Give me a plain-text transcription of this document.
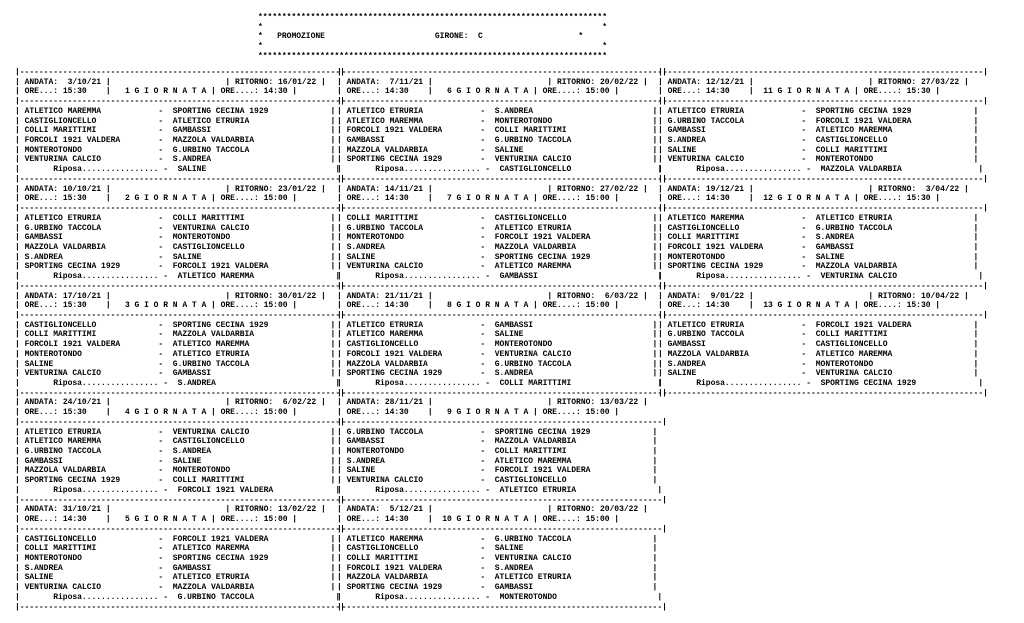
*************************************************************************
*                                                                       *
*   PROMOZIONE	GIRONE: C	*
*                                                                       *
*************************************************************************
|-------------------------------------------------------------------|
| ANDATA:  3/10/21 |                        | RITORNO: 16/01/22 |
| ORE...: 15:30    |   1 G I O R N A T A | ORE....: 14:30 |
|-------------------------------------------------------------------|
| ATLETICO MAREMMA            -  SPORTING CECINA 1929	|
| CASTIGLIONCELLO             -  ATLETICO ETRURIA	|
| COLLI MARITTIMI             -  GAMBASSI	|
| FORCOLI 1921 VALDERA        -  MAZZOLA VALDARBIA	|
| MONTEROTONDO                -  G.URBINO TACCOLA	|
| VENTURINA CALCIO            -  S.ANDREA	|
|       Riposa................ -  SALINE	|
|-------------------------------------------------------------------|
| ANDATA: 10/10/21 |                        | RITORNO: 23/01/22 |
| ORE...: 15:30    |   2 G I O R N A T A | ORE....: 15:00 |
|-------------------------------------------------------------------|
| ATLETICO ETRURIA            -  COLLI MARITTIMI	|
| G.URBINO TACCOLA            -  VENTURINA CALCIO	|
| GAMBASSI                    -  MONTEROTONDO	|
| MAZZOLA VALDARBIA           -  CASTIGLIONCELLO	|
| S.ANDREA                    -  SALINE	|
| SPORTING CECINA 1929        -  FORCOLI 1921 VALDERA	|
|       Riposa................ -  ATLETICO MAREMMA	|
|-------------------------------------------------------------------|
| ANDATA: 17/10/21 |                        | RITORNO: 30/01/22 |
| ORE...: 15:30    |   3 G I O R N A T A | ORE....: 15:00 |
|-------------------------------------------------------------------|
| CASTIGLIONCELLO             -  SPORTING CECINA 1929	|
| COLLI MARITTIMI             -  MAZZOLA VALDARBIA	|
| FORCOLI 1921 VALDERA        -  ATLETICO MAREMMA	|
| MONTEROTONDO                -  ATLETICO ETRURIA	|
| SALINE                      -  G.URBINO TACCOLA	|
| VENTURINA CALCIO            -  GAMBASSI	|
|       Riposa................ -  S.ANDREA	|
|-------------------------------------------------------------------|
| ANDATA: 24/10/21 |                        | RITORNO:  6/02/22 |
| ORE...: 15:30    |   4 G I O R N A T A | ORE....: 15:00 |
|-------------------------------------------------------------------|
| ATLETICO ETRURIA            -  VENTURINA CALCIO	|
| ATLETICO MAREMMA            -  CASTIGLIONCELLO	|
| G.URBINO TACCOLA            -  S.ANDREA	|
| GAMBASSI                    -  SALINE	|
| MAZZOLA VALDARBIA           -  MONTEROTONDO	|
| SPORTING CECINA 1929        -  COLLI MARITTIMI	|
|       Riposa................ -  FORCOLI 1921 VALDERA	|
|-------------------------------------------------------------------|
| ANDATA: 31/10/21 |                        | RITORNO: 13/02/22 |
| ORE...: 14:30    |   5 G I O R N A T A | ORE....: 15:00 |
|-------------------------------------------------------------------|
| CASTIGLIONCELLO             -  FORCOLI 1921 VALDERA	|
| COLLI MARITTIMI             -  ATLETICO MAREMMA	|
| MONTEROTONDO                -  SPORTING CECINA 1929	|
| S.ANDREA                    -  GAMBASSI	|
| SALINE                      -  ATLETICO ETRURIA	|
| VENTURINA CALCIO            -  MAZZOLA VALDARBIA	|
|       Riposa................ -  G.URBINO TACCOLA	|
|-------------------------------------------------------------------|

|-------------------------------------------------------------------|
| ANDATA:  7/11/21 |                        | RITORNO: 20/02/22 |
| ORE...: 14:30    |   6 G I O R N A T A | ORE....: 15:00 |
|-------------------------------------------------------------------|
| ATLETICO ETRURIA            -  S.ANDREA	|
| ATLETICO MAREMMA            -  MONTEROTONDO	|
| FORCOLI 1921 VALDERA        -  COLLI MARITTIMI	|
| GAMBASSI                    -  G.URBINO TACCOLA	|
| MAZZOLA VALDARBIA           -  SALINE	|
| SPORTING CECINA 1929        -  VENTURINA CALCIO	|
|       Riposa................ -  CASTIGLIONCELLO	|
|-------------------------------------------------------------------|
| ANDATA: 14/11/21 |                        | RITORNO: 27/02/22 |
| ORE...: 14:30    |   7 G I O R N A T A | ORE....: 15:00 |
|-------------------------------------------------------------------|
| COLLI MARITTIMI             -  CASTIGLIONCELLO	|
| G.URBINO TACCOLA            -  ATLETICO ETRURIA	|
| MONTEROTONDO                -  FORCOLI 1921 VALDERA	|
| S.ANDREA                    -  MAZZOLA VALDARBIA	|
| SALINE                      -  SPORTING CECINA 1929	|
| VENTURINA CALCIO            -  ATLETICO MAREMMA	|
|       Riposa................ -  GAMBASSI	|
|-------------------------------------------------------------------|
| ANDATA: 21/11/21 |                        | RITORNO:  6/03/22 |
| ORE...: 14:30    |   8 G I O R N A T A | ORE....: 15:00 |
|-------------------------------------------------------------------|
| ATLETICO ETRURIA            -  GAMBASSI	|
| ATLETICO MAREMMA            -  SALINE	|
| CASTIGLIONCELLO             -  MONTEROTONDO	|
| FORCOLI 1921 VALDERA        -  VENTURINA CALCIO	|
| MAZZOLA VALDARBIA           -  G.URBINO TACCOLA	|
| SPORTING CECINA 1929        -  S.ANDREA	|
|       Riposa................ -  COLLI MARITTIMI	|
|-------------------------------------------------------------------|
| ANDATA: 28/11/21 |                        | RITORNO: 13/03/22 |
| ORE...: 14:30    |   9 G I O R N A T A | ORE....: 15:00 |
|-------------------------------------------------------------------|
| G.URBINO TACCOLA            -  SPORTING CECINA 1929	|
| GAMBASSI                    -  MAZZOLA VALDARBIA	|
| MONTEROTONDO                -  COLLI MARITTIMI	|
| S.ANDREA                    -  ATLETICO MAREMMA	|
| SALINE                      -  FORCOLI 1921 VALDERA	|
| VENTURINA CALCIO            -  CASTIGLIONCELLO	|
|       Riposa................ -  ATLETICO ETRURIA	|
|-------------------------------------------------------------------|
| ANDATA:  5/12/21 |                        | RITORNO: 20/03/22 |
| ORE...: 14:30    |  10 G I O R N A T A | ORE....: 15:00 |
|-------------------------------------------------------------------|
| ATLETICO MAREMMA            -  G.URBINO TACCOLA	|
| CASTIGLIONCELLO             -  SALINE	|
| COLLI MARITTIMI             -  VENTURINA CALCIO	|
| FORCOLI 1921 VALDERA        -  S.ANDREA	|
| MAZZOLA VALDARBIA           -  ATLETICO ETRURIA	|
| SPORTING CECINA 1929        -  GAMBASSI	|
|       Riposa................ -  MONTEROTONDO	|
|-------------------------------------------------------------------|

|-------------------------------------------------------------------|
| ANDATA: 12/12/21 |                        | RITORNO: 27/03/22 |
| ORE...: 14:30    |  11 G I O R N A T A | ORE....: 15:30 |
|-------------------------------------------------------------------|
| ATLETICO ETRURIA            -  SPORTING CECINA 1929	|
| G.URBINO TACCOLA            -  FORCOLI 1921 VALDERA	|
| GAMBASSI                    -  ATLETICO MAREMMA	|
| S.ANDREA                    -  CASTIGLIONCELLO	|
| SALINE                      -  COLLI MARITTIMI	|
| VENTURINA CALCIO            -  MONTEROTONDO	|
|       Riposa................ -  MAZZOLA VALDARBIA	|
|-------------------------------------------------------------------|
| ANDATA: 19/12/21 |                        | RITORNO:  3/04/22 |
| ORE...: 14:30    |  12 G I O R N A T A | ORE....: 15:30 |
|-------------------------------------------------------------------|
| ATLETICO MAREMMA            -  ATLETICO ETRURIA	|
| CASTIGLIONCELLO             -  G.URBINO TACCOLA	|
| COLLI MARITTIMI             -  S.ANDREA	|
| FORCOLI 1921 VALDERA        -  GAMBASSI	|
| MONTEROTONDO                -  SALINE	|
| SPORTING CECINA 1929        -  MAZZOLA VALDARBIA	|
|       Riposa................ -  VENTURINA CALCIO	|
|-------------------------------------------------------------------|
| ANDATA:  9/01/22 |                        | RITORNO: 10/04/22 |
| ORE...: 14:30    |  13 G I O R N A T A | ORE....: 15:30 |
|-------------------------------------------------------------------|
| ATLETICO ETRURIA            -  FORCOLI 1921 VALDERA	|
| G.URBINO TACCOLA            -  COLLI MARITTIMI	|
| GAMBASSI                    -  CASTIGLIONCELLO	|
| MAZZOLA VALDARBIA           -  ATLETICO MAREMMA	|
| S.ANDREA                    -  MONTEROTONDO	|
| SALINE                      -  VENTURINA CALCIO	|
|       Riposa................ -  SPORTING CECINA 1929	|
|-------------------------------------------------------------------|
